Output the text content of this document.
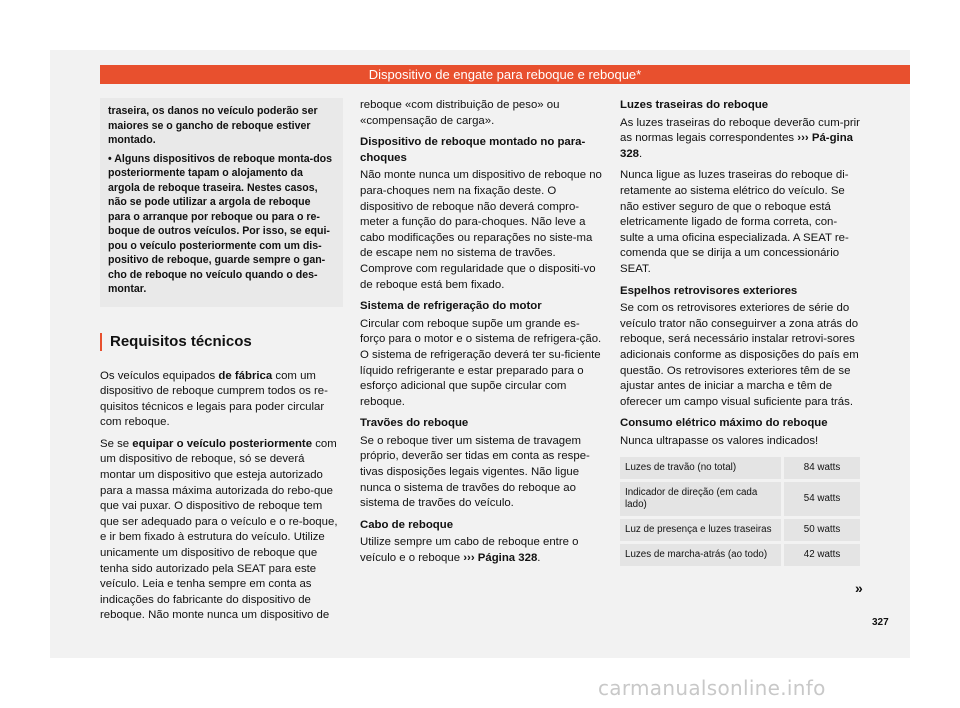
Dispositivo de engate para reboque e reboque*

traseira, os danos no veículo poderão ser maiores se o gancho de reboque estiver montado.

• Alguns dispositivos de reboque monta-dos posteriormente tapam o alojamento da argola de reboque traseira. Nestes casos, não se pode utilizar a argola de reboque para o arranque por reboque ou para o re-boque de outros veículos. Por isso, se equi-pou o veículo posteriormente com um dis-positivo de reboque, guarde sempre o gan-cho de reboque no veículo quando o des-montar.

Requisitos técnicos

Os veículos equipados de fábrica com um dispositivo de reboque cumprem todos os re-quisitos técnicos e legais para poder circular com reboque.

Se se equipar o veículo posteriormente com um dispositivo de reboque, só se deverá montar um dispositivo que esteja autorizado para a massa máxima autorizada do rebo-que que vai puxar. O dispositivo de reboque tem que ser adequado para o veículo e o re-boque, e ir bem fixado à estrutura do veículo. Utilize unicamente um dispositivo de reboque que tenha sido autorizado pela SEAT para este veículo. Leia e tenha sempre em conta as indicações do fabricante do dispositivo de reboque. Não monte nunca um dispositivo de

reboque «com distribuição de peso» ou «compensação de carga».

Dispositivo de reboque montado no para-choques

Não monte nunca um dispositivo de reboque no para-choques nem na fixação deste. O dispositivo de reboque não deverá compro-meter a função do para-choques. Não leve a cabo modificações ou reparações no siste-ma de escape nem no sistema de travões. Comprove com regularidade que o dispositi-vo de reboque está bem fixado.

Sistema de refrigeração do motor

Circular com reboque supõe um grande es-forço para o motor e o sistema de refrigera-ção. O sistema de refrigeração deverá ter su-ficiente líquido refrigerante e estar preparado para o esforço adicional que supõe circular com reboque.

Travões do reboque

Se o reboque tiver um sistema de travagem próprio, deverão ser tidas em conta as respe-tivas disposições legais vigentes. Não ligue nunca o sistema de travões do reboque ao sistema de travões do veículo.

Cabo de reboque

Utilize sempre um cabo de reboque entre o veículo e o reboque ››› Página 328.

Luzes traseiras do reboque

As luzes traseiras do reboque deverão cum-prir as normas legais correspondentes ››› Pá-gina 328.

Nunca ligue as luzes traseiras do reboque di-retamente ao sistema elétrico do veículo. Se não estiver seguro de que o reboque está eletricamente ligado de forma correta, con-sulte a uma oficina especializada. A SEAT re-comenda que se dirija a um concessionário SEAT.

Espelhos retrovisores exteriores

Se com os retrovisores exteriores de série do veículo trator não conseguirver a zona atrás do reboque, será necessário instalar retrovi-sores adicionais conforme as disposições do país em questão. Os retrovisores exteriores têm de se ajustar antes de iniciar a marcha e têm de oferecer um campo visual suficiente para trás.

Consumo elétrico máximo do reboque

Nunca ultrapasse os valores indicados!

Luzes de travão (no total)	84 watts
Indicador de direção (em cada lado)	54 watts
Luz de presença e luzes traseiras	50 watts
Luzes de marcha-atrás (ao todo)	42 watts
»
327
carmanualsonline.info
